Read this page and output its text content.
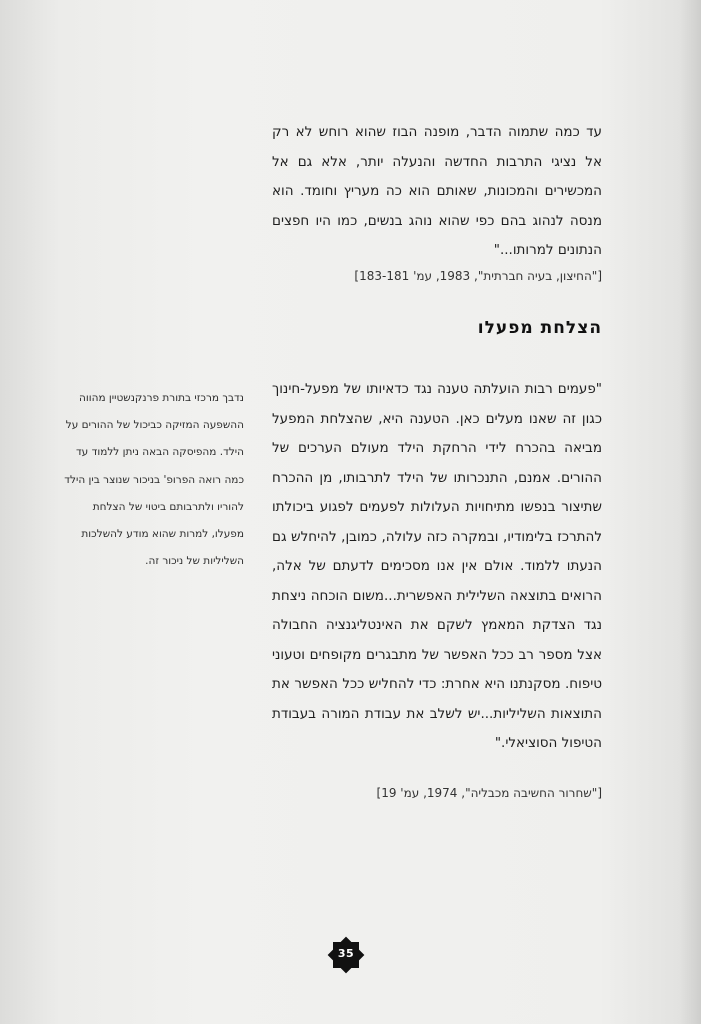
עד כמה שתמוה הדבר, מופנה הבוז שהוא רוחש לא רק אל נציגי התרבות החדשה והנעלה יותר, אלא גם אל המכשירים והמכונות, שאותם הוא כה מעריץ וחומד. הוא מנסה לנהוג בהם כפי שהוא נוהג בנשים, כמו היו חפצים הנתונים למרותו..."

["החיצון, בעיה חברתית", 1983, עמ' 183-181]
הצלחת מפעלו

"פעמים רבות הועלתה טענה נגד כדאיותו של מפעל-חינוך כגון זה שאנו מעלים כאן. הטענה היא, שהצלחת המפעל מביאה בהכרח לידי הרחקת הילד מעולם הערכים של ההורים. אמנם, התנכרותו של הילד לתרבותו, מן ההכרח שתיצור בנפשו מתיחויות העלולות לפעמים לפגוע ביכולתו להתרכז בלימודיו, ובמקרה כזה עלולה, כמובן, להיחלש גם הנעתו ללמוד. אולם אין אנו מסכימים לדעתם של אלה, הרואים בתוצאה השלילית האפשרית...משום הוכחה ניצחת נגד הצדקת המאמץ לשקם את האינטליגנציה החבולה אצל מספר רב ככל האפשר של מתבגרים מקופחים וטעוני טיפוח. מסקנתנו היא אחרת: כדי להחליש ככל האפשר את התוצאות השליליות...יש לשלב את עבודת המורה בעבודת הטיפול הסוציאלי."

["שחרור החשיבה מכבליה", 1974, עמ' 19]

נדבך מרכזי בתורת פרנקנשטיין מהווה ההשפעה המזיקה כביכול של ההורים על הילד. מהפיסקה הבאה ניתן ללמוד עד כמה רואה הפרופ' בניכור שנוצר בין הילד להוריו ולתרבותם ביטוי של הצלחת מפעלו, למרות שהוא מודע להשלכות השליליות של ניכור זה.

35
